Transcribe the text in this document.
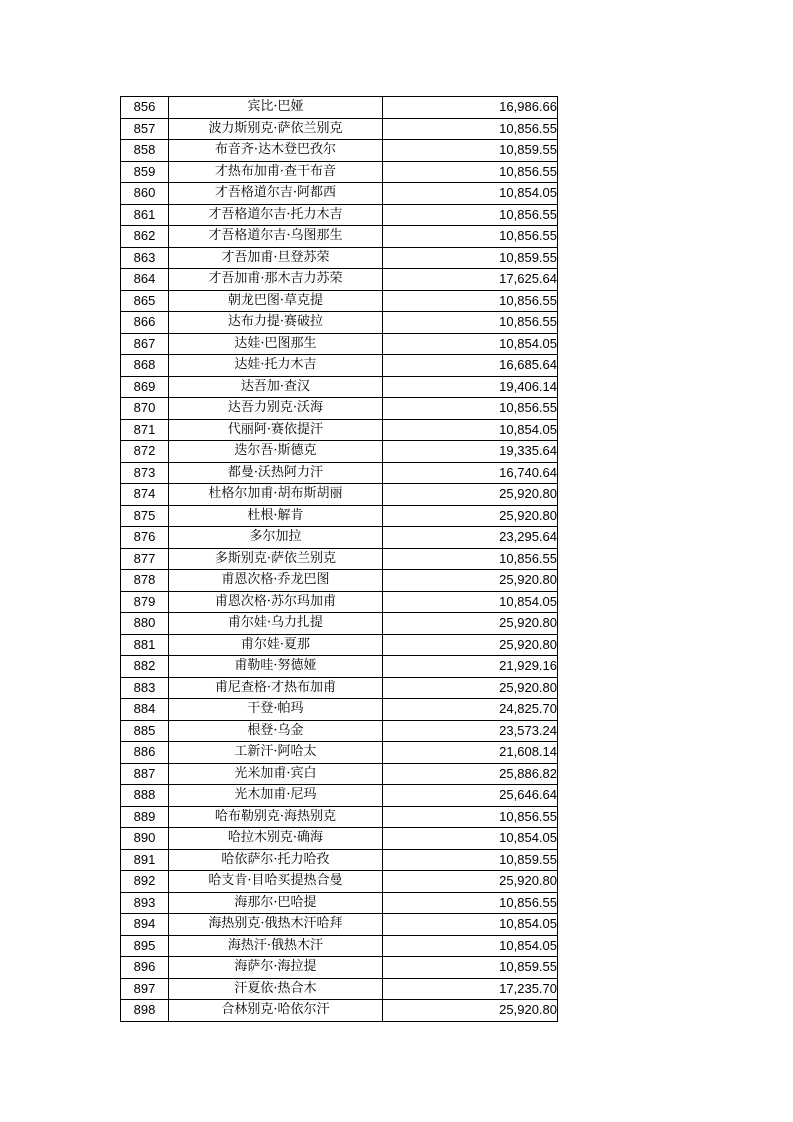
856	宾比·巴娅	16,986.66
857	波力斯别克·萨依兰别克	10,856.55
858	布音齐·达木登巴孜尔	10,859.55
859	才热布加甫·查干布音	10,856.55
860	才吾格道尔吉·阿都西	10,854.05
861	才吾格道尔吉·托力木吉	10,856.55
862	才吾格道尔吉·乌图那生	10,856.55
863	才吾加甫·旦登苏荣	10,859.55
864	才吾加甫·那木吉力苏荣	17,625.64
865	朝龙巴图·草克提	10,856.55
866	达布力提·赛破拉	10,856.55
867	达娃·巴图那生	10,854.05
868	达娃·托力木吉	16,685.64
869	达吾加·查汉	19,406.14
870	达吾力别克·沃海	10,856.55
871	代丽阿·赛依提汗	10,854.05
872	迭尔吾·斯德克	19,335.64
873	都曼·沃热阿力汗	16,740.64
874	杜格尔加甫·胡布斯胡丽	25,920.80
875	杜根·解肯	25,920.80
876	多尔加拉	23,295.64
877	多斯别克·萨依兰别克	10,856.55
878	甫恩次格·乔龙巴图	25,920.80
879	甫恩次格·苏尔玛加甫	10,854.05
880	甫尔娃·乌力扎提	25,920.80
881	甫尔娃·夏那	25,920.80
882	甫勒哇·努德娅	21,929.16
883	甫尼查格·才热布加甫	25,920.80
884	干登·帕玛	24,825.70
885	根登·乌金	23,573.24
886	工新汗·阿哈太	21,608.14
887	光米加甫·宾白	25,886.82
888	光木加甫·尼玛	25,646.64
889	哈布勒别克·海热别克	10,856.55
890	哈拉木别克·确海	10,854.05
891	哈依萨尔·托力哈孜	10,859.55
892	哈支肯·目哈买提热合曼	25,920.80
893	海那尔·巴哈提	10,856.55
894	海热别克·俄热木汗哈拜	10,854.05
895	海热汗·俄热木汗	10,854.05
896	海萨尔·海拉提	10,859.55
897	汗夏依·热合木	17,235.70
898	合林别克·哈依尔汗	25,920.80
